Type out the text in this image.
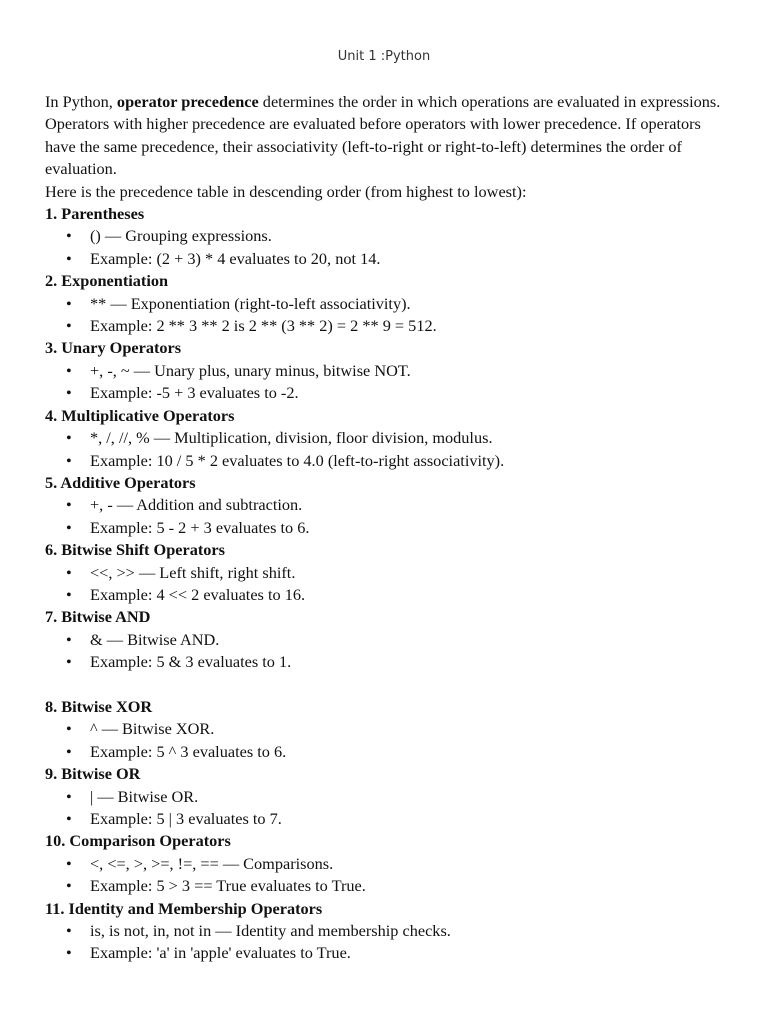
Unit 1 :Python

In Python, operator precedence determines the order in which operations are evaluated in expressions. Operators with higher precedence are evaluated before operators with lower precedence. If operators have the same precedence, their associativity (left-to-right or right-to-left) determines the order of evaluation.

Here is the precedence table in descending order (from highest to lowest):

1. Parentheses
• () — Grouping expressions.
• Example: (2 + 3) * 4 evaluates to 20, not 14.
2. Exponentiation
• ** — Exponentiation (right-to-left associativity).
• Example: 2 ** 3 ** 2 is 2 ** (3 ** 2) = 2 ** 9 = 512.
3. Unary Operators
• +, -, ~ — Unary plus, unary minus, bitwise NOT.
• Example: -5 + 3 evaluates to -2.
4. Multiplicative Operators
• *, /, //, % — Multiplication, division, floor division, modulus.
• Example: 10 / 5 * 2 evaluates to 4.0 (left-to-right associativity).
5. Additive Operators
• +, - — Addition and subtraction.
• Example: 5 - 2 + 3 evaluates to 6.
6. Bitwise Shift Operators
• <<, >> — Left shift, right shift.
• Example: 4 << 2 evaluates to 16.
7. Bitwise AND
• & — Bitwise AND.
• Example: 5 & 3 evaluates to 1.
8. Bitwise XOR
• ^ — Bitwise XOR.
• Example: 5 ^ 3 evaluates to 6.
9. Bitwise OR
• | — Bitwise OR.
• Example: 5 | 3 evaluates to 7.
10. Comparison Operators
• <, <=, >, >=, !=, == — Comparisons.
• Example: 5 > 3 == True evaluates to True.
11. Identity and Membership Operators
• is, is not, in, not in — Identity and membership checks.
• Example: 'a' in 'apple' evaluates to True.
